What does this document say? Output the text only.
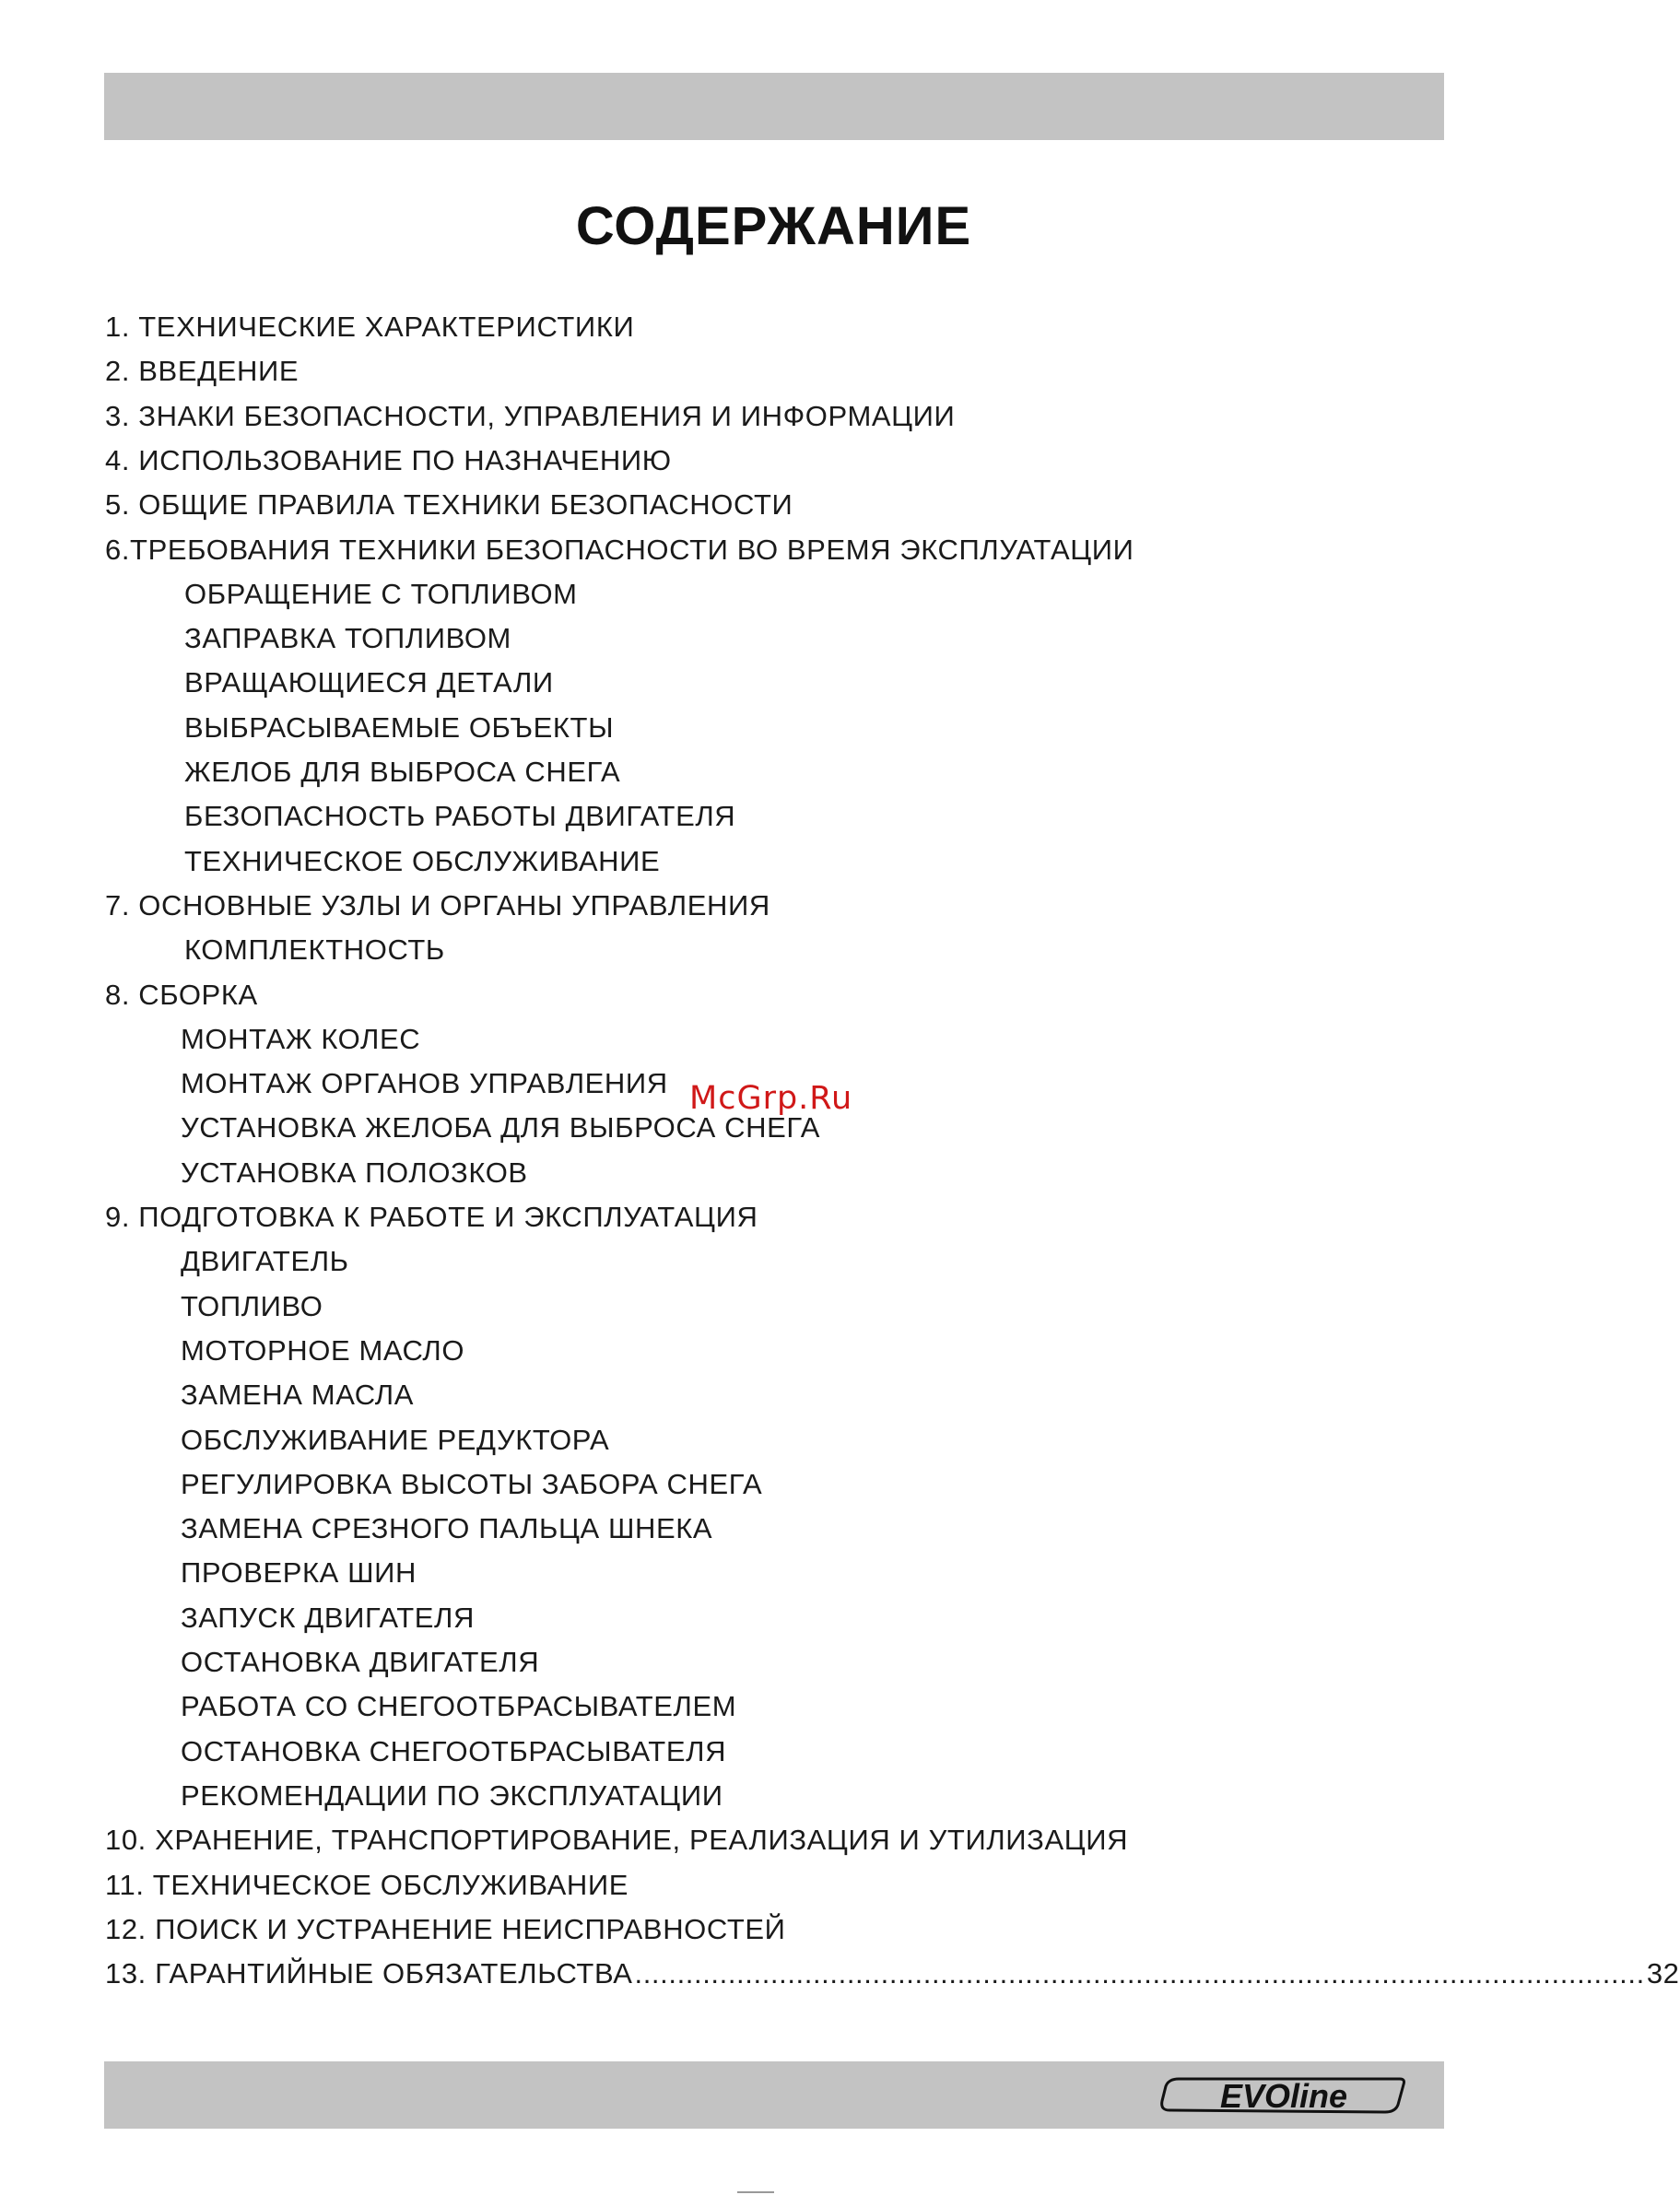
СОДЕРЖАНИЕ
1. ТЕХНИЧЕСКИЕ ХАРАКТЕРИСТИКИ
2. ВВЕДЕНИЕ
3. ЗНАКИ БЕЗОПАСНОСТИ, УПРАВЛЕНИЯ И ИНФОРМАЦИИ
4. ИСПОЛЬЗОВАНИЕ ПО НАЗНАЧЕНИЮ
5. ОБЩИЕ ПРАВИЛА ТЕХНИКИ БЕЗОПАСНОСТИ
6.ТРЕБОВАНИЯ ТЕХНИКИ БЕЗОПАСНОСТИ ВО ВРЕМЯ ЭКСПЛУАТАЦИИ
ОБРАЩЕНИЕ С ТОПЛИВОМ
ЗАПРАВКА ТОПЛИВОМ
ВРАЩАЮЩИЕСЯ ДЕТАЛИ
ВЫБРАСЫВАЕМЫЕ ОБЪЕКТЫ
ЖЕЛОБ ДЛЯ ВЫБРОСА СНЕГА
БЕЗОПАСНОСТЬ РАБОТЫ ДВИГАТЕЛЯ
ТЕХНИЧЕСКОЕ ОБСЛУЖИВАНИЕ
7. ОСНОВНЫЕ УЗЛЫ И ОРГАНЫ УПРАВЛЕНИЯ
КОМПЛЕКТНОСТЬ
8. СБОРКА
МОНТАЖ КОЛЕС
МОНТАЖ ОРГАНОВ УПРАВЛЕНИЯ
УСТАНОВКА ЖЕЛОБА ДЛЯ ВЫБРОСА СНЕГА
УСТАНОВКА ПОЛОЗКОВ
9. ПОДГОТОВКА К РАБОТЕ И ЭКСПЛУАТАЦИЯ
ДВИГАТЕЛЬ
ТОПЛИВО
МОТОРНОЕ МАСЛО
ЗАМЕНА МАСЛА
ОБСЛУЖИВАНИЕ РЕДУКТОРА
РЕГУЛИРОВКА ВЫСОТЫ ЗАБОРА СНЕГА
ЗАМЕНА СРЕЗНОГО ПАЛЬЦА ШНЕКА
ПРОВЕРКА ШИН
ЗАПУСК ДВИГАТЕЛЯ
ОСТАНОВКА ДВИГАТЕЛЯ
РАБОТА СО СНЕГООТБРАСЫВАТЕЛЕМ
ОСТАНОВКА СНЕГООТБРАСЫВАТЕЛЯ
РЕКОМЕНДАЦИИ ПО ЭКСПЛУАТАЦИИ
10. ХРАНЕНИЕ, ТРАНСПОРТИРОВАНИЕ, РЕАЛИЗАЦИЯ И УТИЛИЗАЦИЯ
11. ТЕХНИЧЕСКОЕ ОБСЛУЖИВАНИЕ
12. ПОИСК И УСТРАНЕНИЕ НЕИСПРАВНОСТЕЙ
13. ГАРАНТИЙНЫЕ ОБЯЗАТЕЛЬСТВА ....................................................................................................................... 32
McGrp.Ru
EVOline
